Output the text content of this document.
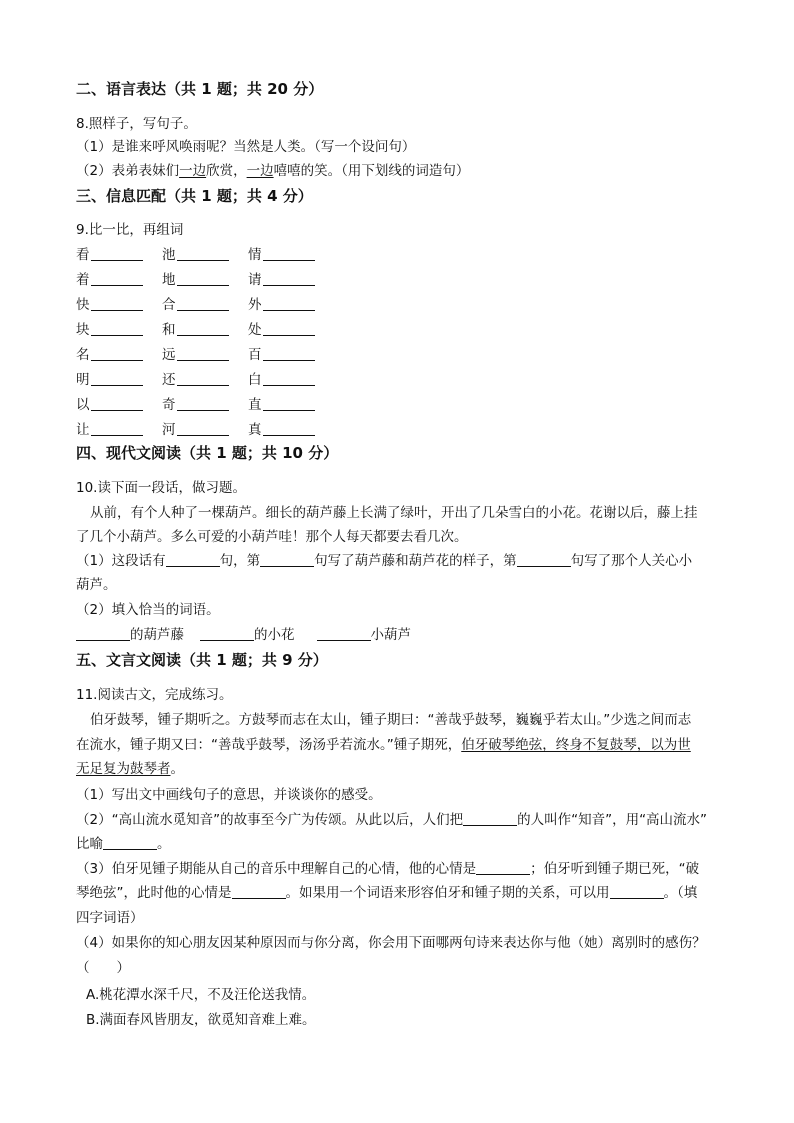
二、语言表达（共 1 题；共 20 分）
8.照样子，写句子。
（1）是谁来呼风唤雨呢？当然是人类。（写一个设问句）
（2）表弟表妹们一边欣赏，一边嘻嘻的笑。（用下划线的词造句）
三、信息匹配（共 1 题；共 4 分）
9.比一比，再组词
看	池	情
着	地	请
快	合	外
块	和	处
名	远	百
明	还	白
以	奇	直
让	河	真
四、现代文阅读（共 1 题；共 10 分）
10.读下面一段话，做习题。
从前，有个人种了一棵葫芦。细长的葫芦藤上长满了绿叶，开出了几朵雪白的小花。花谢以后，藤上挂
了几个小葫芦。多么可爱的小葫芦哇！那个人每天都要去看几次。
（1）这段话有	句，第	句写了葫芦藤和葫芦花的样子，第	句写了那个人关心小
葫芦。
（2）填入恰当的词语。
的葫芦藤	的小花	小葫芦
五、文言文阅读（共 1 题；共 9 分）
11.阅读古文，完成练习。
伯牙鼓琴，锺子期听之。方鼓琴而志在太山，锺子期曰：“善哉乎鼓琴，巍巍乎若太山。”少选之间而志
在流水，锺子期又曰：“善哉乎鼓琴，汤汤乎若流水。”锺子期死，伯牙破琴绝弦，终身不复鼓琴，以为世
无足复为鼓琴者。
（1）写出文中画线句子的意思，并谈谈你的感受。
（2）“高山流水觅知音”的故事至今广为传颂。从此以后，人们把	的人叫作“知音”，用“高山流水”
比喻	。
（3）伯牙见锺子期能从自己的音乐中理解自己的心情，他的心情是	；伯牙听到锺子期已死，“破
琴绝弦”，此时他的心情是	。如果用一个词语来形容伯牙和锺子期的关系，可以用	。（填
四字词语）
（4）如果你的知心朋友因某种原因而与你分离，你会用下面哪两句诗来表达你与他（她）离别时的感伤？
（　　）
A.桃花潭水深千尺，不及汪伦送我情。
B.满面春风皆朋友，欲觅知音难上难。
